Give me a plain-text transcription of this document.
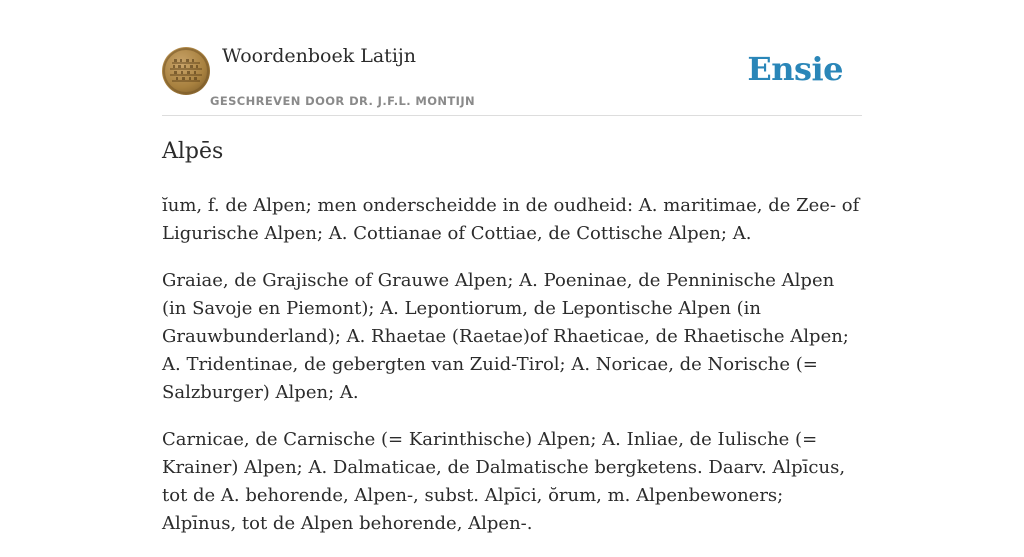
Woordenboek Latijn
GESCHREVEN DOOR DR. J.F.L. MONTIJN
Ensie
Alpēs

ĭum, f. de Alpen; men onderscheidde in de oudheid: A. maritimae, de Zee- of Ligurische Alpen; A. Cottianae of Cottiae, de Cottische Alpen; A.

Graiae, de Grajische of Grauwe Alpen; A. Poeninae, de Penninische Alpen (in Savoje en Piemont); A. Lepontiorum, de Lepontische Alpen (in Grauwbunderland); A. Rhaetae (Raetae)of Rhaeticae, de Rhaetische Alpen; A. Tridentinae, de gebergten van Zuid-Tirol; A. Noricae, de Norische (= Salzburger) Alpen; A.

Carnicae, de Carnische (= Karinthische) Alpen; A. Inliae, de Iulische (= Krainer) Alpen; A. Dalmaticae, de Dalmatische bergketens. Daarv. Alpīcus, tot de A. behorende, Alpen-, subst. Alpīci, ŏrum, m. Alpenbewoners; Alpīnus, tot de Alpen behorende, Alpen-.
